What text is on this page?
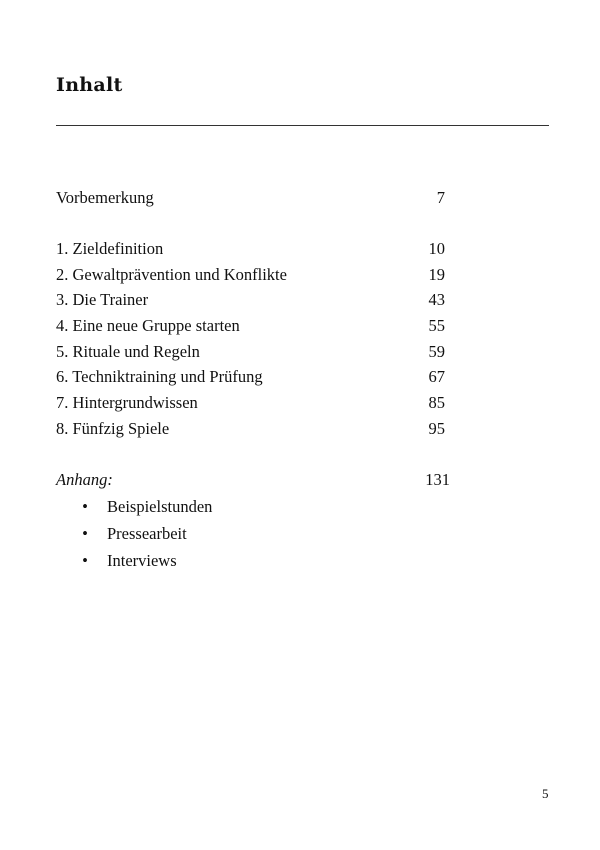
Inhalt
Vorbemerkung	7
1. Zieldefinition	10
2. Gewaltprävention und Konflikte	19
3. Die Trainer	43
4. Eine neue Gruppe starten	55
5. Rituale und Regeln	59
6. Techniktraining und Prüfung	67
7. Hintergrundwissen	85
8. Fünfzig Spiele	95
Anhang:	131
• Beispielstunden
• Pressearbeit
• Interviews
5
